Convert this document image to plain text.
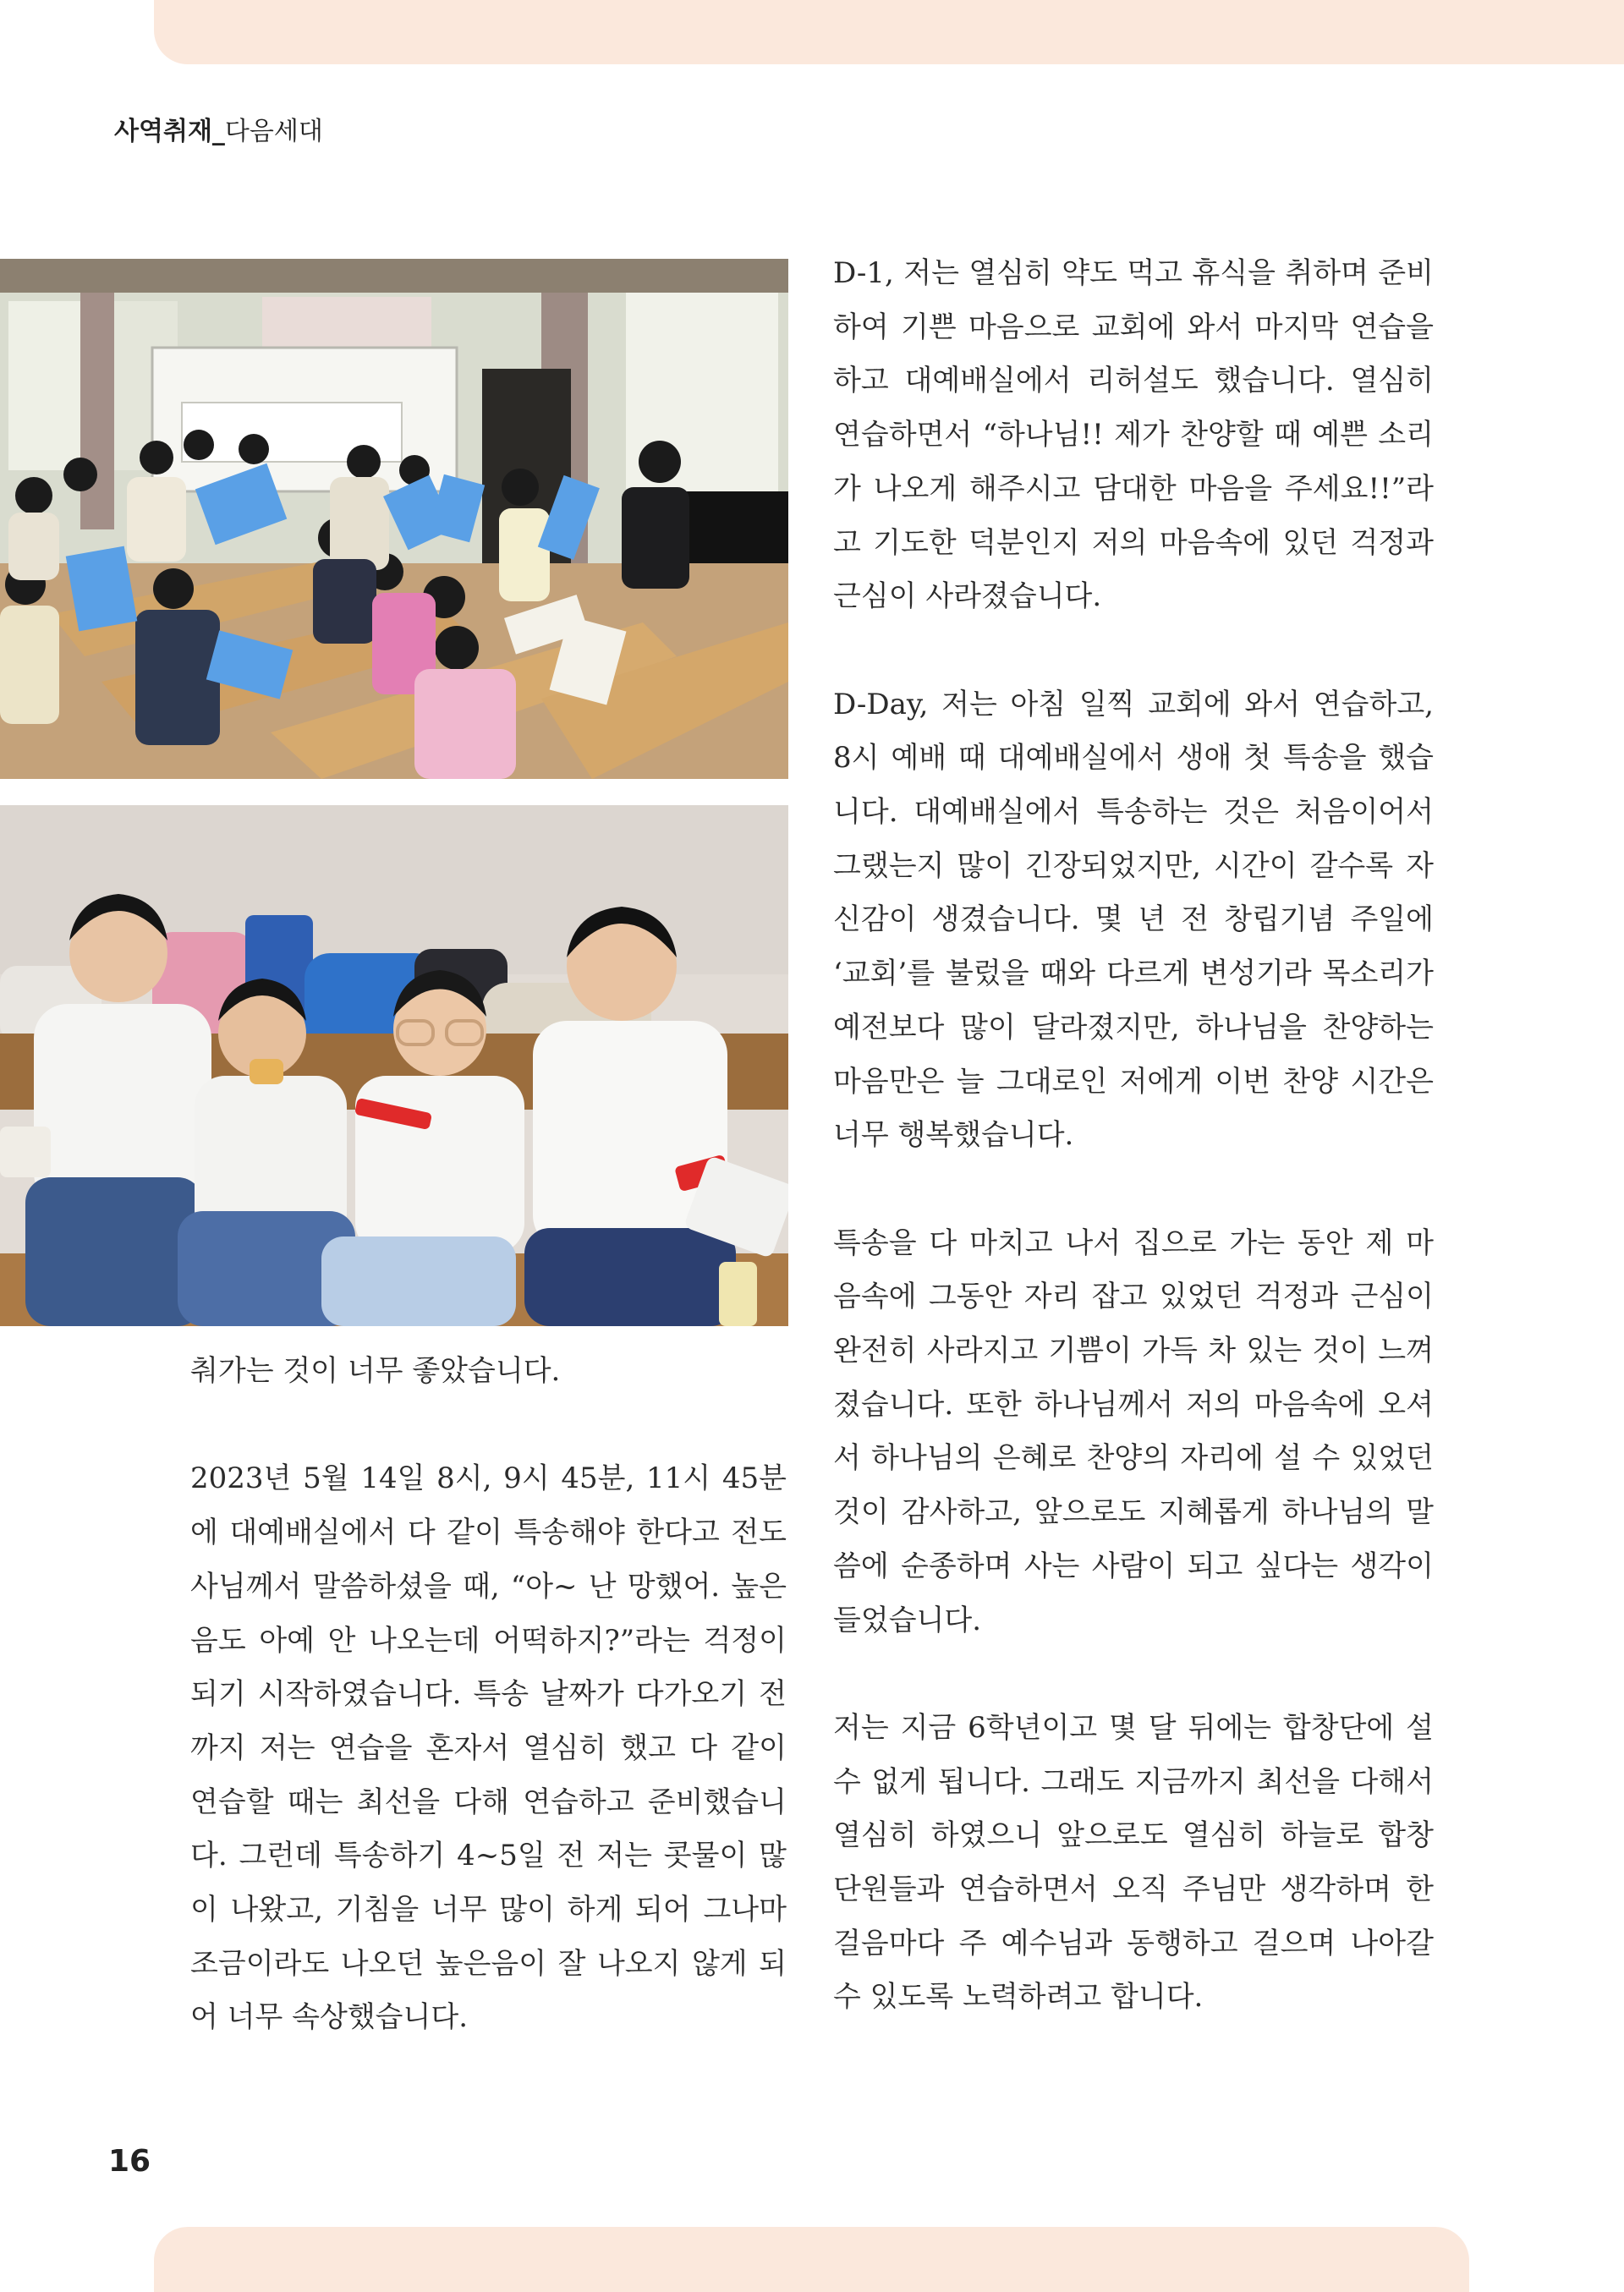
사역취재_다음세대

춰가는 것이 너무 좋았습니다.

2023년 5월 14일 8시, 9시 45분, 11시 45분에 대예배실에서 다 같이 특송해야 한다고 전도사님께서 말씀하셨을 때, “아~ 난 망했어. 높은음도 아예 안 나오는데 어떡하지?”라는 걱정이 되기 시작하였습니다. 특송 날짜가 다가오기 전까지 저는 연습을 혼자서 열심히 했고 다 같이 연습할 때는 최선을 다해 연습하고 준비했습니다. 그런데 특송하기 4~5일 전 저는 콧물이 많이 나왔고, 기침을 너무 많이 하게 되어 그나마 조금이라도 나오던 높은음이 잘 나오지 않게 되어 너무 속상했습니다.

D-1, 저는 열심히 약도 먹고 휴식을 취하며 준비하여 기쁜 마음으로 교회에 와서 마지막 연습을 하고 대예배실에서 리허설도 했습니다. 열심히 연습하면서 “하나님!! 제가 찬양할 때 예쁜 소리가 나오게 해주시고 담대한 마음을 주세요!!”라고 기도한 덕분인지 저의 마음속에 있던 걱정과 근심이 사라졌습니다.

D-Day, 저는 아침 일찍 교회에 와서 연습하고, 8시 예배 때 대예배실에서 생애 첫 특송을 했습니다. 대예배실에서 특송하는 것은 처음이어서 그랬는지 많이 긴장되었지만, 시간이 갈수록 자신감이 생겼습니다. 몇 년 전 창립기념 주일에 ‘교회’를 불렀을 때와 다르게 변성기라 목소리가 예전보다 많이 달라졌지만, 하나님을 찬양하는 마음만은 늘 그대로인 저에게 이번 찬양 시간은 너무 행복했습니다.

특송을 다 마치고 나서 집으로 가는 동안 제 마음속에 그동안 자리 잡고 있었던 걱정과 근심이 완전히 사라지고 기쁨이 가득 차 있는 것이 느껴졌습니다. 또한 하나님께서 저의 마음속에 오셔서 하나님의 은혜로 찬양의 자리에 설 수 있었던 것이 감사하고, 앞으로도 지혜롭게 하나님의 말씀에 순종하며 사는 사람이 되고 싶다는 생각이 들었습니다.

저는 지금 6학년이고 몇 달 뒤에는 합창단에 설 수 없게 됩니다. 그래도 지금까지 최선을 다해서 열심히 하였으니 앞으로도 열심히 하늘로 합창단원들과 연습하면서 오직 주님만 생각하며 한 걸음마다 주 예수님과 동행하고 걸으며 나아갈 수 있도록 노력하려고 합니다.

16
